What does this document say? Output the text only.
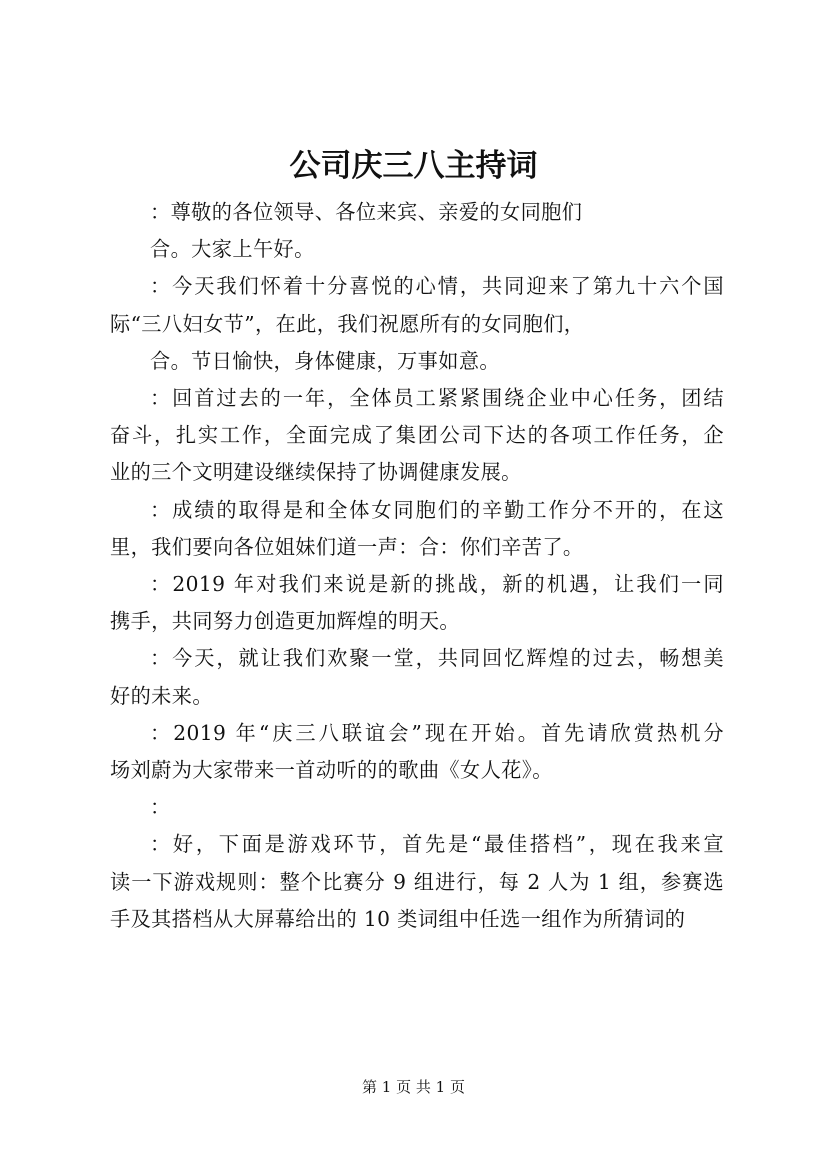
公司庆三八主持词

：尊敬的各位领导、各位来宾、亲爱的女同胞们

合。大家上午好。

：今天我们怀着十分喜悦的心情，共同迎来了第九十六个国
际“三八妇女节”，在此，我们祝愿所有的女同胞们，

合。节日愉快，身体健康，万事如意。

：回首过去的一年，全体员工紧紧围绕企业中心任务，团结
奋斗，扎实工作，全面完成了集团公司下达的各项工作任务，企
业的三个文明建设继续保持了协调健康发展。

：成绩的取得是和全体女同胞们的辛勤工作分不开的，在这
里，我们要向各位姐妹们道一声：合：你们辛苦了。

：2019 年对我们来说是新的挑战，新的机遇，让我们一同
携手，共同努力创造更加辉煌的明天。

：今天，就让我们欢聚一堂，共同回忆辉煌的过去，畅想美
好的未来。

：2019 年“庆三八联谊会”现在开始。首先请欣赏热机分
场刘蔚为大家带来一首动听的的歌曲《女人花》。

：

：好，下面是游戏环节，首先是“最佳搭档”，现在我来宣
读一下游戏规则：整个比赛分 9 组进行，每 2 人为 1 组，参赛选
手及其搭档从大屏幕给出的 10 类词组中任选一组作为所猜词的

第 1 页 共 1 页
